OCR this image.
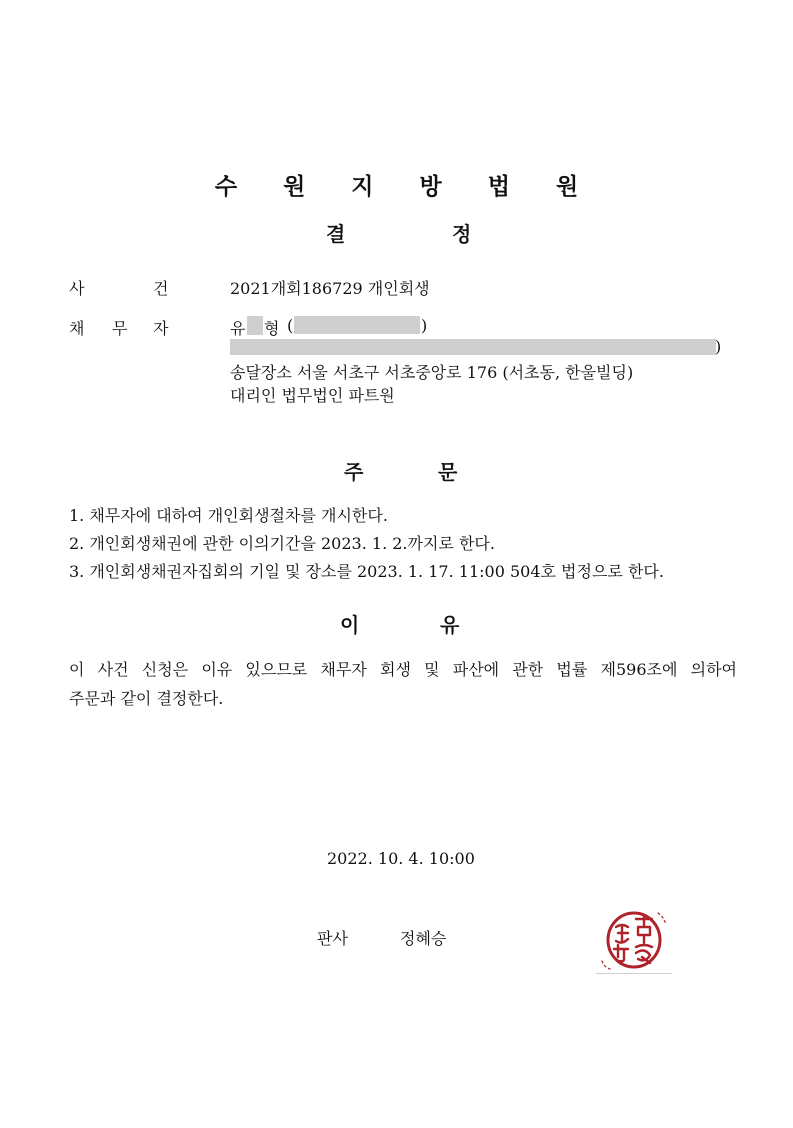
수 원 지 방 법 원
결	정
사	건	2021개회186729 개인회생
채 무 자	유 형 (	)
)
송달장소 서울 서초구 서초중앙로 176 (서초동, 한울빌딩)
대리인 법무법인 파트원
주	문
1. 채무자에 대하여 개인회생절차를 개시한다.
2. 개인회생채권에 관한 이의기간을 2023. 1. 2.까지로 한다.
3. 개인회생채권자집회의 기일 및 장소를 2023. 1. 17. 11:00 504호 법정으로 한다.
이	유
이 사건 신청은 이유 있으므로 채무자 회생 및 파산에 관한 법률 제596조에 의하여
주문과 같이 결정한다.
2022. 10. 4. 10:00
판사	정혜승
